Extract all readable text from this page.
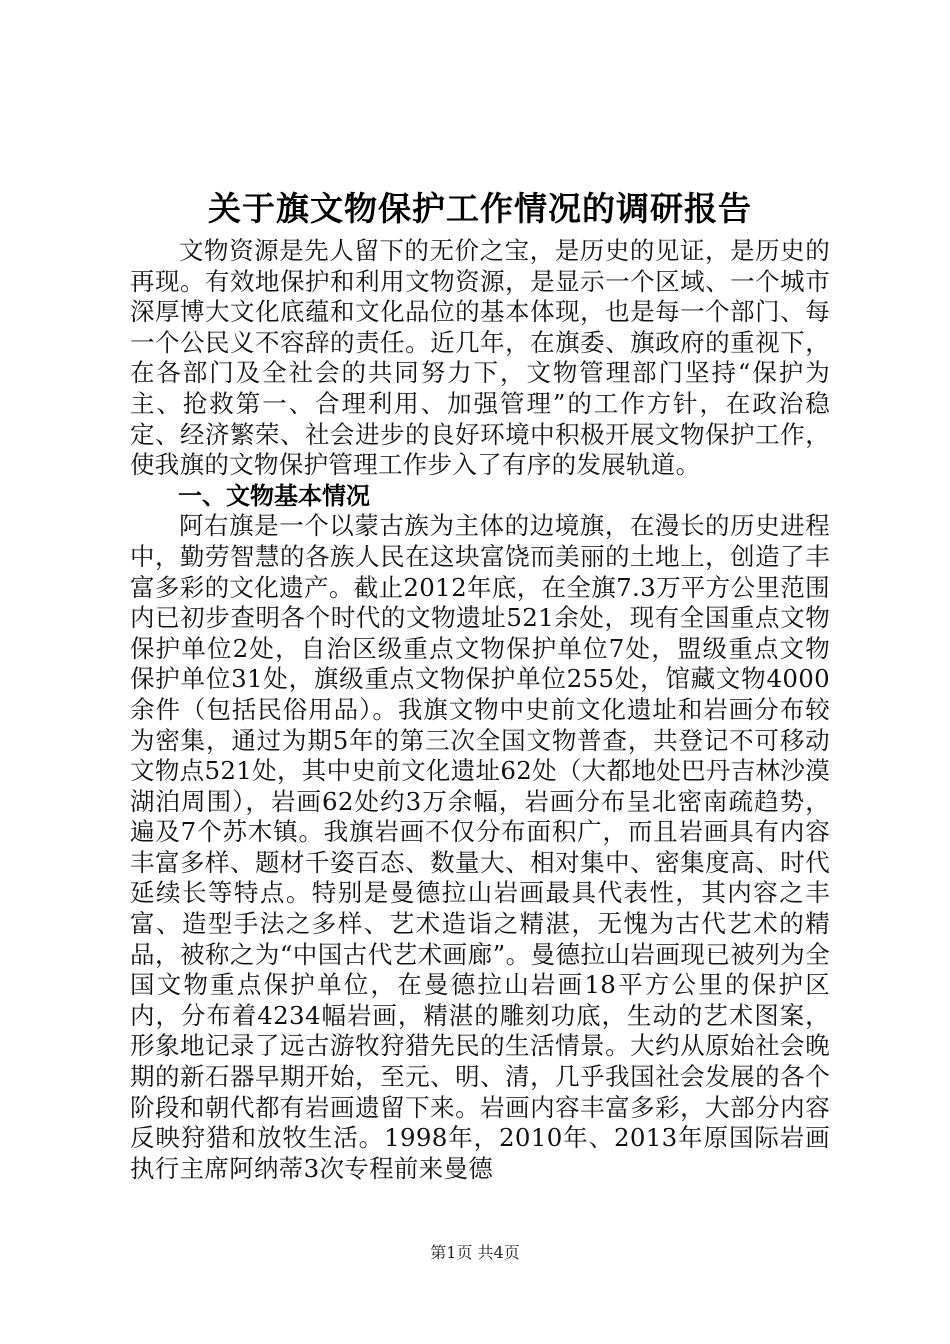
关于旗文物保护工作情况的调研报告

文物资源是先人留下的无价之宝，是历史的见证，是历史的再现。有效地保护和利用文物资源，是显示一个区域、一个城市深厚博大文化底蕴和文化品位的基本体现，也是每一个部门、每一个公民义不容辞的责任。近几年，在旗委、旗政府的重视下，在各部门及全社会的共同努力下，文物管理部门坚持“保护为主、抢救第一、合理利用、加强管理”的工作方针，在政治稳定、经济繁荣、社会进步的良好环境中积极开展文物保护工作，使我旗的文物保护管理工作步入了有序的发展轨道。

一、文物基本情况

阿右旗是一个以蒙古族为主体的边境旗，在漫长的历史进程中，勤劳智慧的各族人民在这块富饶而美丽的土地上，创造了丰富多彩的文化遗产。截止2012年底，在全旗7.3万平方公里范围内已初步查明各个时代的文物遗址521余处，现有全国重点文物保护单位2处，自治区级重点文物保护单位7处，盟级重点文物保护单位31处，旗级重点文物保护单位255处，馆藏文物4000余件（包括民俗用品）。我旗文物中史前文化遗址和岩画分布较为密集，通过为期5年的第三次全国文物普查，共登记不可移动文物点521处，其中史前文化遗址62处（大都地处巴丹吉林沙漠湖泊周围），岩画62处约3万余幅，岩画分布呈北密南疏趋势，遍及7个苏木镇。我旗岩画不仅分布面积广，而且岩画具有内容丰富多样、题材千姿百态、数量大、相对集中、密集度高、时代延续长等特点。特别是曼德拉山岩画最具代表性，其内容之丰富、造型手法之多样、艺术造诣之精湛，无愧为古代艺术的精品，被称之为“中国古代艺术画廊”。曼德拉山岩画现已被列为全国文物重点保护单位，在曼德拉山岩画18平方公里的保护区内，分布着4234幅岩画，精湛的雕刻功底，生动的艺术图案，形象地记录了远古游牧狩猎先民的生活情景。大约从原始社会晚期的新石器早期开始，至元、明、清，几乎我国社会发展的各个阶段和朝代都有岩画遗留下来。岩画内容丰富多彩，大部分内容反映狩猎和放牧生活。1998年，2010年、2013年原国际岩画执行主席阿纳蒂3次专程前来曼德

第1页 共4页
